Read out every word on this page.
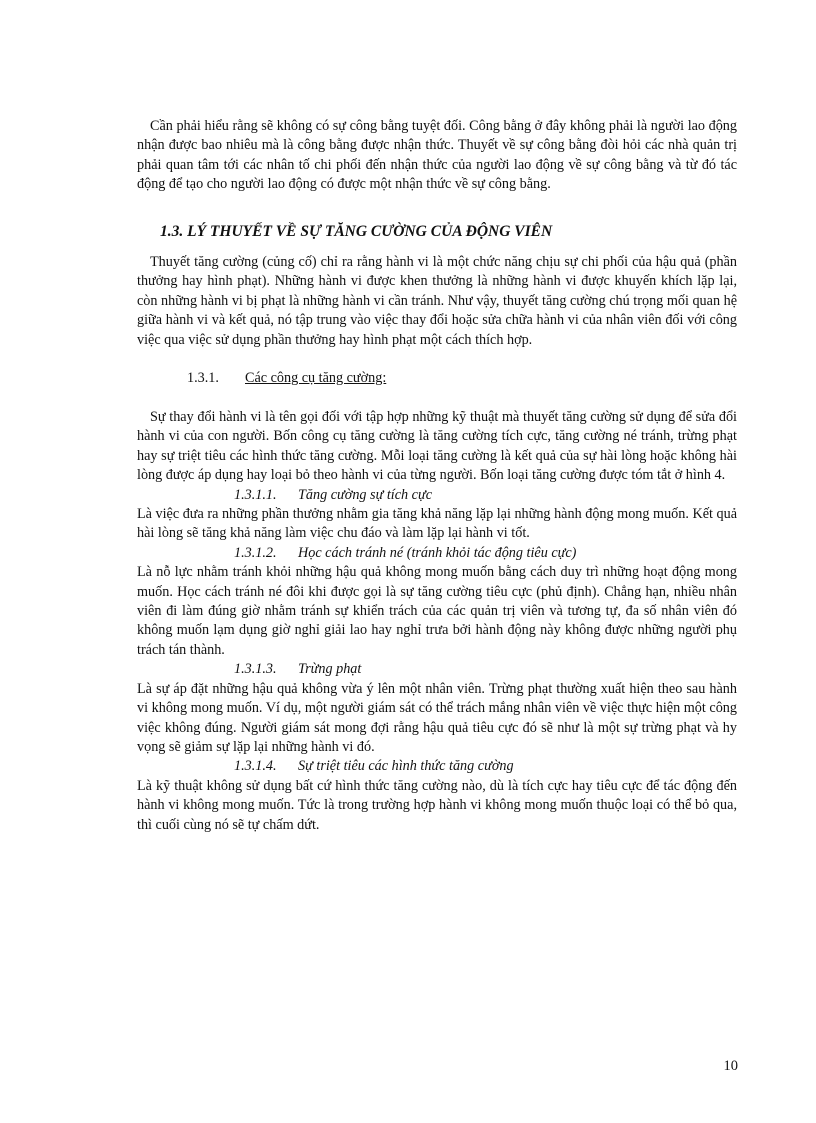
Cần phải hiểu rằng sẽ không có sự công bằng tuyệt đối. Công bằng ở đây không phải là người lao động nhận được bao nhiêu mà là công bằng được nhận thức. Thuyết về sự công bằng đòi hỏi các nhà quản trị phải quan tâm tới các nhân tố chi phối đến nhận thức của người lao động về sự công bằng và từ đó tác động để tạo cho người lao động có được một nhận thức về sự công bằng.

1.3. LÝ THUYẾT VỀ SỰ TĂNG CƯỜNG CỦA ĐỘNG VIÊN

Thuyết tăng cường (củng cố) chỉ ra rằng hành vi là một chức năng chịu sự chi phối của hậu quả (phần thưởng hay hình phạt). Những hành vi được khen thưởng là những hành vi được khuyến khích lặp lại, còn những hành vi bị phạt là những hành vi cần tránh. Như vậy, thuyết tăng cường chú trọng mối quan hệ giữa hành vi và kết quả, nó tập trung vào việc thay đổi hoặc sửa chữa hành vi của nhân viên đối với công việc qua việc sử dụng phần thưởng hay hình phạt một cách thích hợp.

1.3.1. Các công cụ tăng cường:

Sự thay đổi hành vi là tên gọi đối với tập hợp những kỹ thuật mà thuyết tăng cường sử dụng để sửa đổi hành vi của con người. Bốn công cụ tăng cường là tăng cường tích cực, tăng cường né tránh, trừng phạt hay sự triệt tiêu các hình thức tăng cường. Mỗi loại tăng cường là kết quả của sự hài lòng hoặc không hài lòng được áp dụng hay loại bỏ theo hành vi của từng người. Bốn loại tăng cường được tóm tắt ở hình 4.

1.3.1.1. Tăng cường sự tích cực

Là việc đưa ra những phần thưởng nhằm gia tăng khả năng lặp lại những hành động mong muốn. Kết quả hài lòng sẽ tăng khả năng làm việc chu đáo và làm lặp lại hành vi tốt.

1.3.1.2. Học cách tránh né (tránh khỏi tác động tiêu cực)

Là nỗ lực nhằm tránh khỏi những hậu quả không mong muốn bằng cách duy trì những hoạt động mong muốn. Học cách tránh né đôi khi được gọi là sự tăng cường tiêu cực (phủ định). Chẳng hạn, nhiều nhân viên đi làm đúng giờ nhằm tránh sự khiển trách của các quản trị viên và tương tự, đa số nhân viên đó không muốn lạm dụng giờ nghỉ giải lao hay nghỉ trưa bởi hành động này không được những người phụ trách tán thành.

1.3.1.3. Trừng phạt

Là sự áp đặt những hậu quả không vừa ý lên một nhân viên. Trừng phạt thường xuất hiện theo sau hành vi không mong muốn. Ví dụ, một người giám sát có thể trách mắng nhân viên về việc thực hiện một công việc không đúng. Người giám sát mong đợi rằng hậu quả tiêu cực đó sẽ như là một sự trừng phạt và hy vọng sẽ giảm sự lặp lại những hành vi đó.

1.3.1.4. Sự triệt tiêu các hình thức tăng cường

Là kỹ thuật không sử dụng bất cứ hình thức tăng cường nào, dù là tích cực hay tiêu cực để tác động đến hành vi không mong muốn. Tức là trong trường hợp hành vi không mong muốn thuộc loại có thể bỏ qua, thì cuối cùng nó sẽ tự chấm dứt.

10
